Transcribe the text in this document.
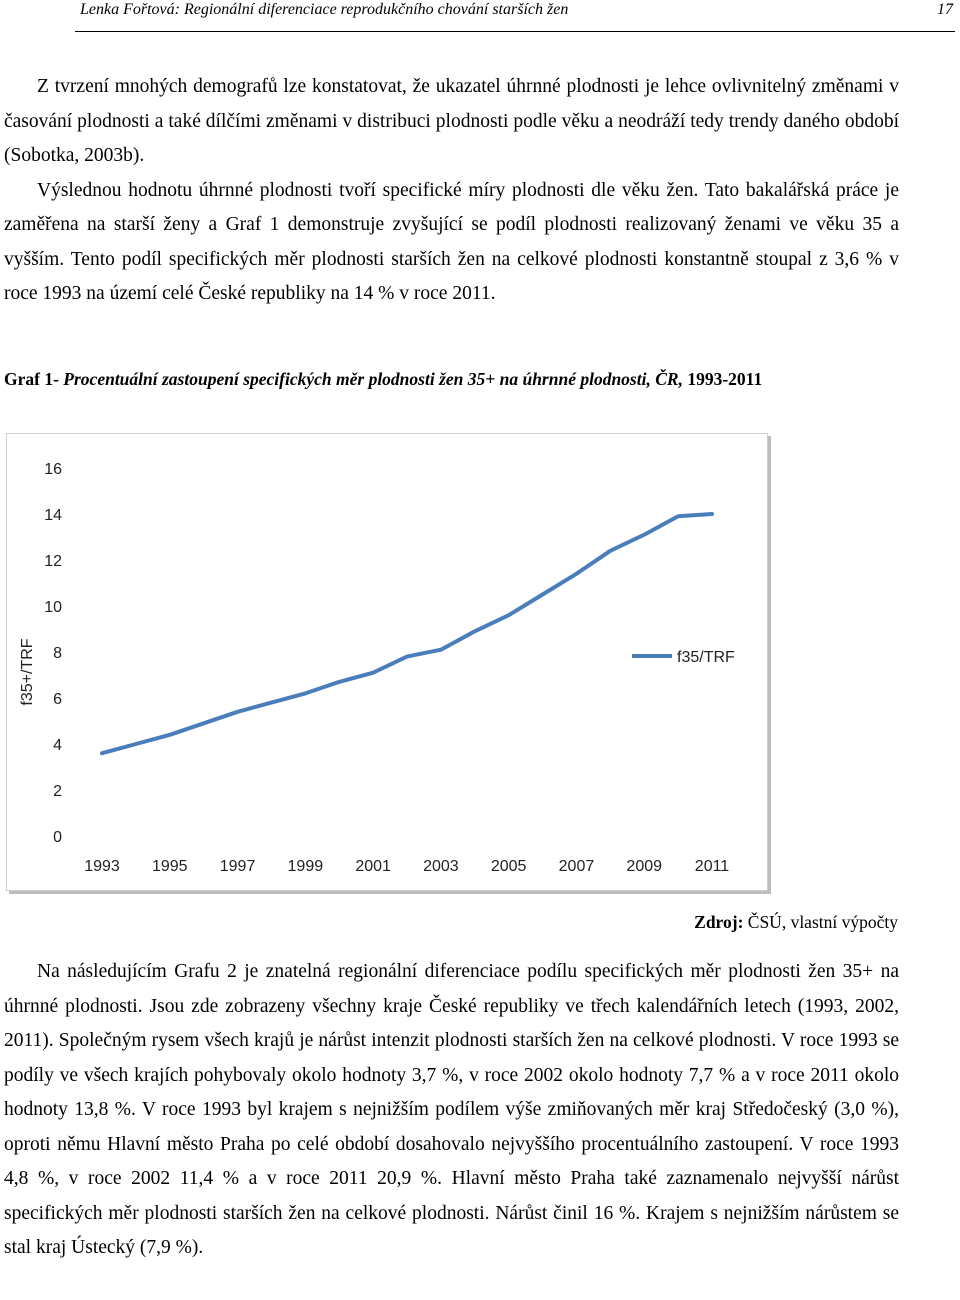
Lenka Fořtová: Regionální diferenciace reprodukčního chování starších žen	17

Z tvrzení mnohých demografů lze konstatovat, že ukazatel úhrnné plodnosti je lehce ovlivnitelný změnami v časování plodnosti a také dílčími změnami v distribuci plodnosti podle věku a neodráží tedy trendy daného období (Sobotka, 2003b).

Výslednou hodnotu úhrnné plodnosti tvoří specifické míry plodnosti dle věku žen. Tato bakalářská práce je zaměřena na starší ženy a Graf 1 demonstruje zvyšující se podíl plodnosti realizovaný ženami ve věku 35 a vyšším. Tento podíl specifických měr plodnosti starších žen na celkové plodnosti konstantně stoupal z 3,6 % v roce 1993 na území celé České republiky na 14 % v roce 2011.

Graf 1- Procentuální zastoupení specifických měr plodnosti žen 35+ na úhrnné plodnosti, ČR, 1993-2011
0
2
4
6
8
10
12
14
16
1993 1995 1997 1999 2001 2003 2005 2007 2009 2011
f35+/TRF	f35/TRF
Zdroj: ČSÚ, vlastní výpočty

Na následujícím Grafu 2 je znatelná regionální diferenciace podílu specifických měr plodnosti žen 35+ na úhrnné plodnosti. Jsou zde zobrazeny všechny kraje České republiky ve třech kalendářních letech (1993, 2002, 2011). Společným rysem všech krajů je nárůst intenzit plodnosti starších žen na celkové plodnosti. V roce 1993 se podíly ve všech krajích pohybovaly okolo hodnoty 3,7 %, v roce 2002 okolo hodnoty 7,7 % a v roce 2011 okolo hodnoty 13,8 %. V roce 1993 byl krajem s nejnižším podílem výše zmiňovaných měr kraj Středočeský (3,0 %), oproti němu Hlavní město Praha po celé období dosahovalo nejvyššího procentuálního zastoupení. V roce 1993 4,8 %, v roce 2002 11,4 % a v roce 2011 20,9 %. Hlavní město Praha také zaznamenalo nejvyšší nárůst specifických měr plodnosti starších žen na celkové plodnosti. Nárůst činil 16 %. Krajem s nejnižším nárůstem se stal kraj Ústecký (7,9 %).
